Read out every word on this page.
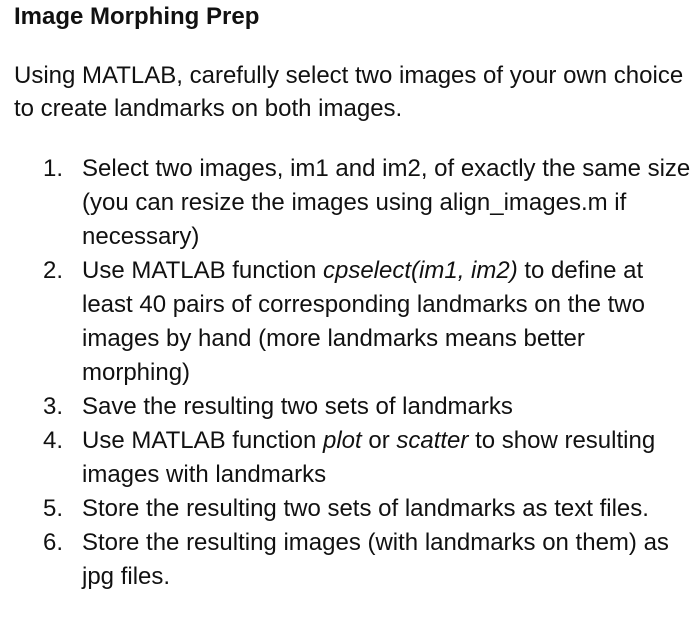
Image Morphing Prep

Using MATLAB, carefully select two images of your own choice to create landmarks on both images.

1. Select two images, im1 and im2, of exactly the same size (you can resize the images using align_images.m if necessary)
2. Use MATLAB function cpselect(im1, im2) to define at least 40 pairs of corresponding landmarks on the two images by hand (more landmarks means better morphing)
3. Save the resulting two sets of landmarks
4. Use MATLAB function plot or scatter to show resulting images with landmarks
5. Store the resulting two sets of landmarks as text files.
6. Store the resulting images (with landmarks on them) as jpg files.
